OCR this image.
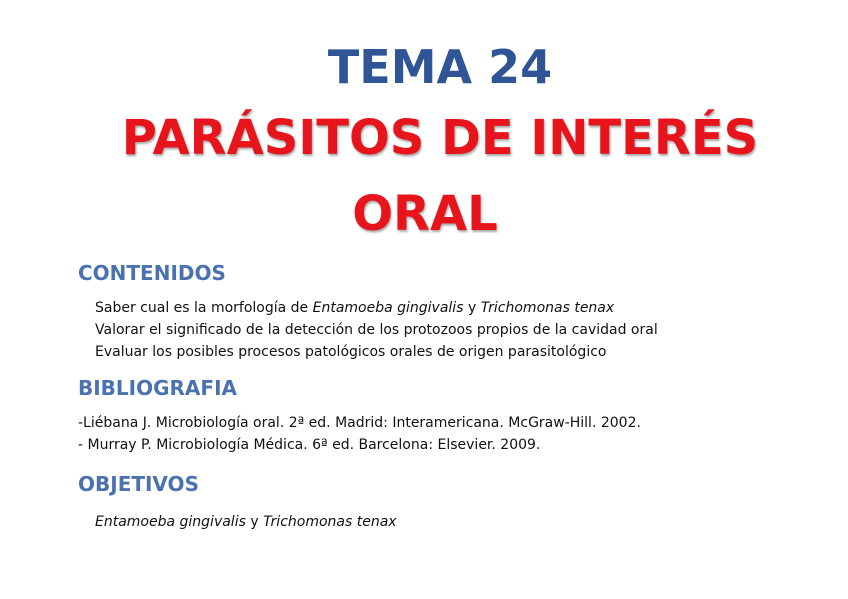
TEMA 24
PARÁSITOS DE INTERÉS
ORAL
CONTENIDOS
Saber cual es la morfología de Entamoeba gingivalis y Trichomonas tenax
Valorar el significado de la detección de los protozoos propios de la cavidad oral
Evaluar los posibles procesos patológicos orales de origen parasitológico
BIBLIOGRAFIA
-Liébana J. Microbiología oral. 2ª ed. Madrid: Interamericana. McGraw-Hill. 2002.
- Murray P. Microbiología Médica. 6ª ed. Barcelona: Elsevier. 2009.
OBJETIVOS
Entamoeba gingivalis y Trichomonas tenax
